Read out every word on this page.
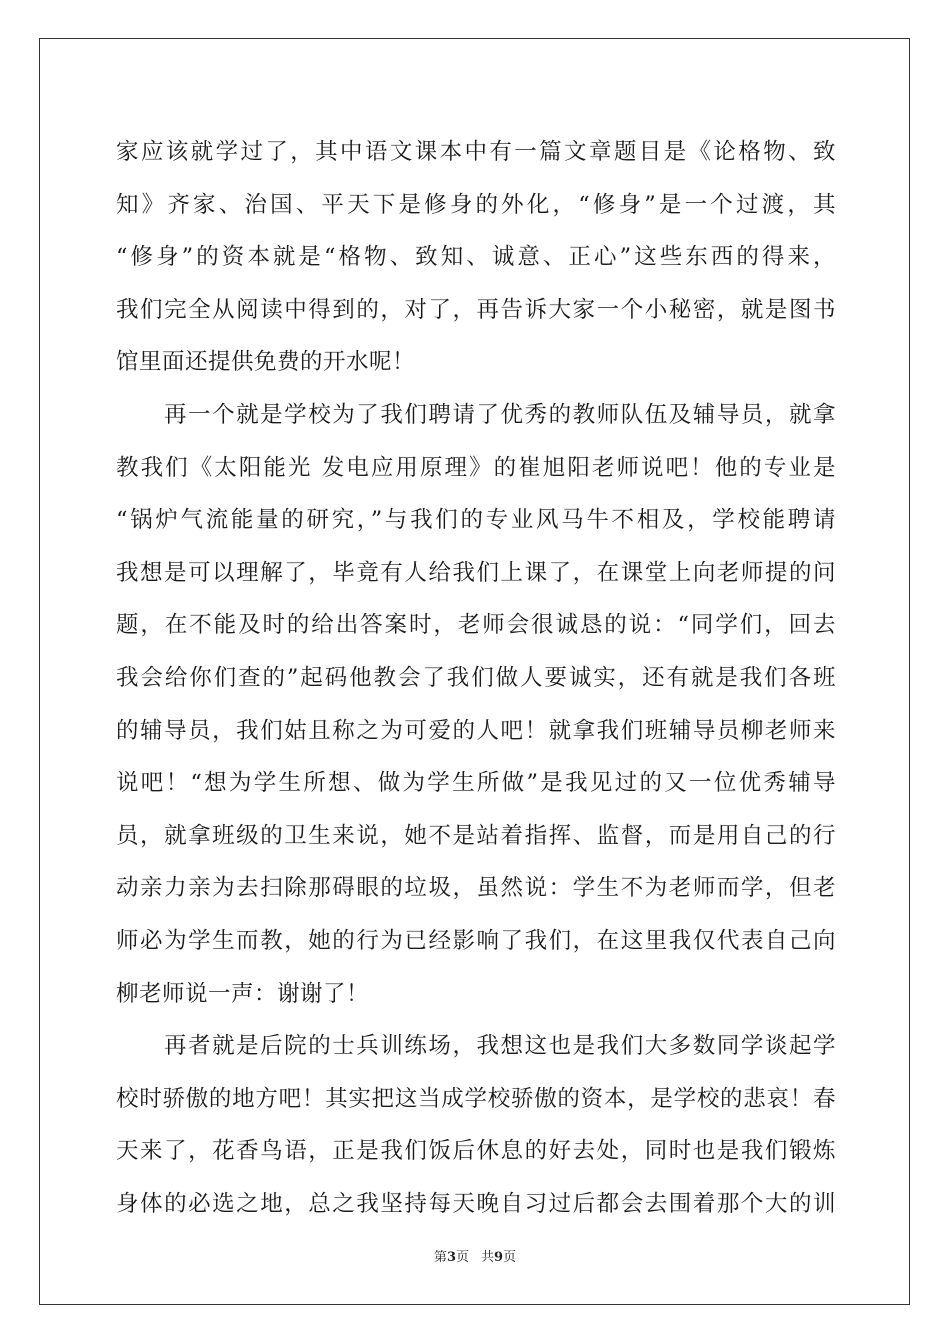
家应该就学过了，其中语文课本中有一篇文章题目是《论格物、致
知》齐家、治国、平天下是修身的外化，“修身”是一个过渡，其
“修身”的资本就是“格物、致知、诚意、正心”这些东西的得来，
我们完全从阅读中得到的，对了，再告诉大家一个小秘密，就是图书
馆里面还提供免费的开水呢！
再一个就是学校为了我们聘请了优秀的教师队伍及辅导员，就拿
教我们《太阳能光 发电应用原理》的崔旭阳老师说吧！他的专业是
“锅炉气流能量的研究，”与我们的专业风马牛不相及，学校能聘请
我想是可以理解了，毕竟有人给我们上课了，在课堂上向老师提的问
题，在不能及时的给出答案时，老师会很诚恳的说：“同学们，回去
我会给你们查的”起码他教会了我们做人要诚实，还有就是我们各班
的辅导员，我们姑且称之为可爱的人吧！就拿我们班辅导员柳老师来
说吧！“想为学生所想、做为学生所做”是我见过的又一位优秀辅导
员，就拿班级的卫生来说，她不是站着指挥、监督，而是用自己的行
动亲力亲为去扫除那碍眼的垃圾，虽然说：学生不为老师而学，但老
师必为学生而教，她的行为已经影响了我们，在这里我仅代表自己向
柳老师说一声：谢谢了！
再者就是后院的士兵训练场，我想这也是我们大多数同学谈起学
校时骄傲的地方吧！其实把这当成学校骄傲的资本，是学校的悲哀！春
天来了，花香鸟语，正是我们饭后休息的好去处，同时也是我们锻炼
身体的必选之地，总之我坚持每天晚自习过后都会去围着那个大的训
第3页 共9页
